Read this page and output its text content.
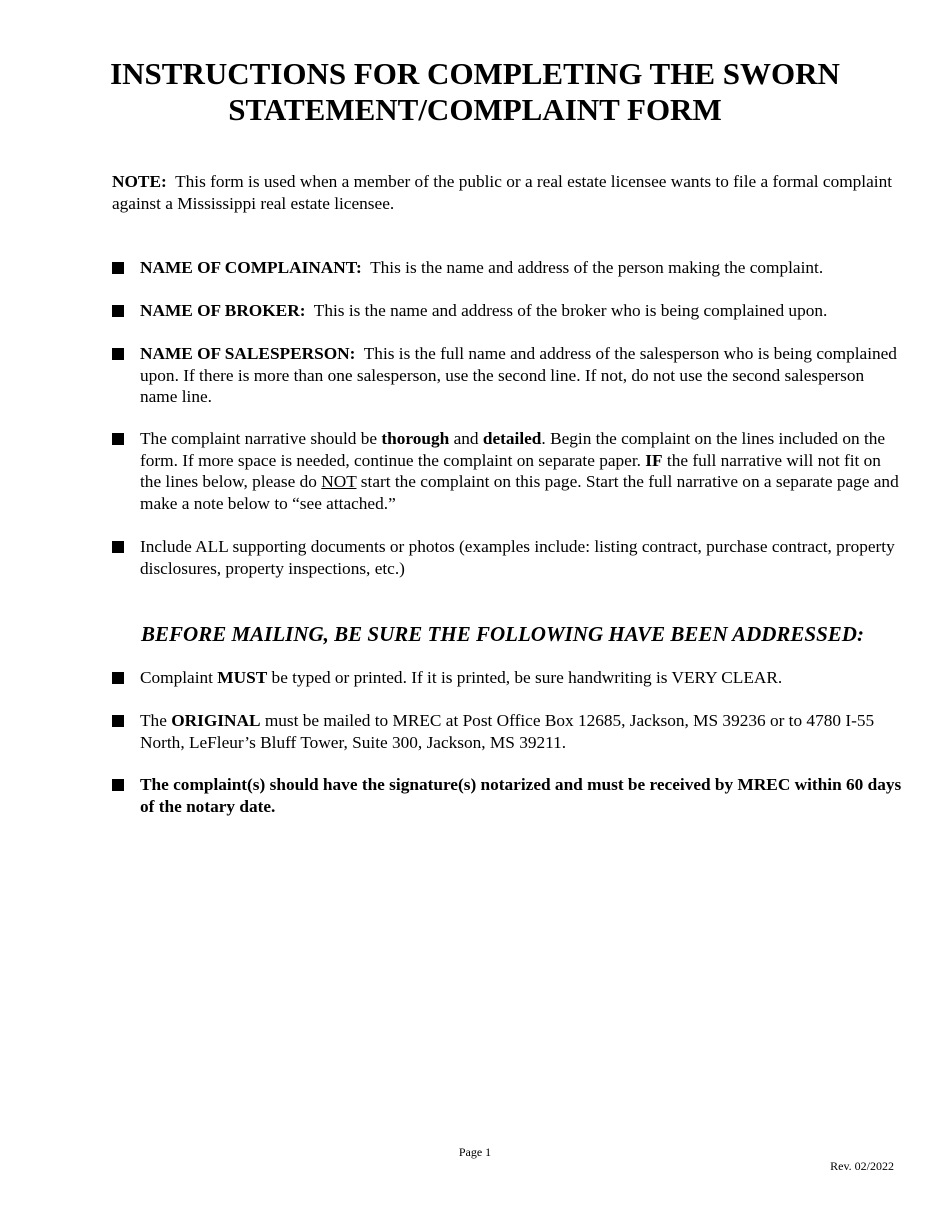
INSTRUCTIONS FOR COMPLETING THE SWORN
STATEMENT/COMPLAINT FORM

NOTE: This form is used when a member of the public or a real estate licensee wants to file a formal complaint against a Mississippi real estate licensee.

NAME OF COMPLAINANT: This is the name and address of the person making the complaint.
NAME OF BROKER: This is the name and address of the broker who is being complained upon.
NAME OF SALESPERSON: This is the full name and address of the salesperson who is being complained upon. If there is more than one salesperson, use the second line. If not, do not use the second salesperson name line.
The complaint narrative should be thorough and detailed. Begin the complaint on the lines included on the form. If more space is needed, continue the complaint on separate paper. IF the full narrative will not fit on the lines below, please do NOT start the complaint on this page. Start the full narrative on a separate page and make a note below to “see attached.”
Include ALL supporting documents or photos (examples include: listing contract, purchase contract, property disclosures, property inspections, etc.)
BEFORE MAILING, BE SURE THE FOLLOWING HAVE BEEN ADDRESSED:
Complaint MUST be typed or printed. If it is printed, be sure handwriting is VERY CLEAR.
The ORIGINAL must be mailed to MREC at Post Office Box 12685, Jackson, MS 39236 or to 4780 I-55 North, LeFleur’s Bluff Tower, Suite 300, Jackson, MS 39211.
The complaint(s) should have the signature(s) notarized and must be received by MREC within 60 days of the notary date.
Page 1
Rev. 02/2022
